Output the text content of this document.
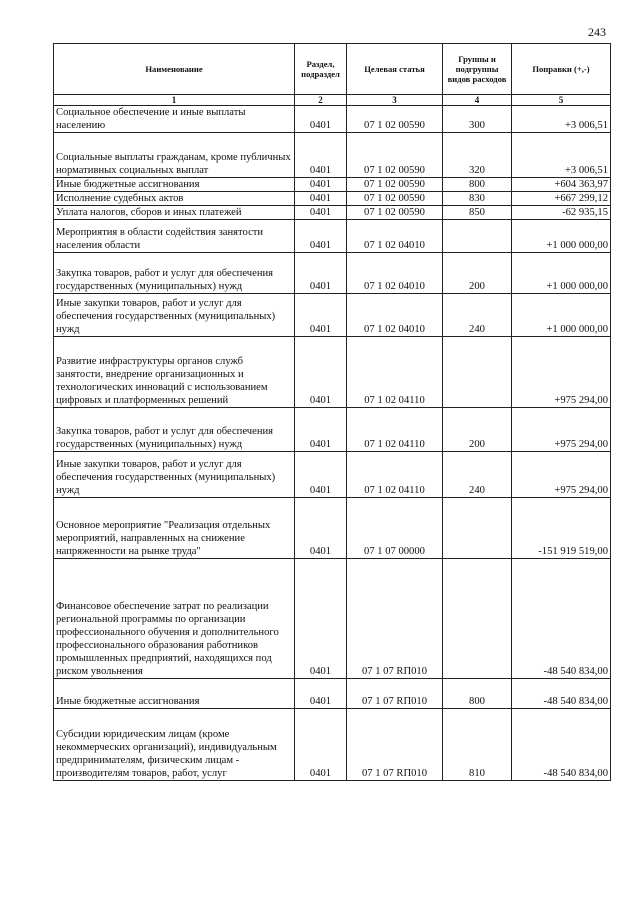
243
Наименование	Раздел, подраздел	Целевая статья	Группы и подгруппы видов расходов	Поправки (+,-)
1	2	3	4	5
Социальное обеспечение и иные выплаты населению	0401	07 1 02 00590	300	+3 006,51
Социальные выплаты гражданам, кроме публичных нормативных социальных выплат	0401	07 1 02 00590	320	+3 006,51
Иные бюджетные ассигнования	0401	07 1 02 00590	800	+604 363,97
Исполнение судебных актов	0401	07 1 02 00590	830	+667 299,12
Уплата налогов, сборов и иных платежей	0401	07 1 02 00590	850	-62 935,15
Мероприятия в области содействия занятости населения области	0401	07 1 02 04010		+1 000 000,00
Закупка товаров, работ и услуг для обеспечения государственных (муниципальных) нужд	0401	07 1 02 04010	200	+1 000 000,00
Иные закупки товаров, работ и услуг для обеспечения государственных (муниципальных) нужд	0401	07 1 02 04010	240	+1 000 000,00
Развитие инфраструктуры органов служб занятости, внедрение организационных и технологических инноваций с использованием цифровых и платформенных решений	0401	07 1 02 04110		+975 294,00
Закупка товаров, работ и услуг для обеспечения государственных (муниципальных) нужд	0401	07 1 02 04110	200	+975 294,00
Иные закупки товаров, работ и услуг для обеспечения государственных (муниципальных) нужд	0401	07 1 02 04110	240	+975 294,00
Основное мероприятие "Реализация отдельных мероприятий, направленных на снижение напряженности на рынке труда"	0401	07 1 07 00000		-151 919 519,00
Финансовое обеспечение затрат по реализации региональной программы по организации профессионального обучения и дополнительного профессионального образования работников промышленных предприятий, находящихся под риском увольнения	0401	07 1 07 RП010		-48 540 834,00
Иные бюджетные ассигнования	0401	07 1 07 RП010	800	-48 540 834,00
Субсидии юридическим лицам (кроме некоммерческих организаций), индивидуальным предпринимателям, физическим лицам - производителям товаров, работ, услуг	0401	07 1 07 RП010	810	-48 540 834,00
